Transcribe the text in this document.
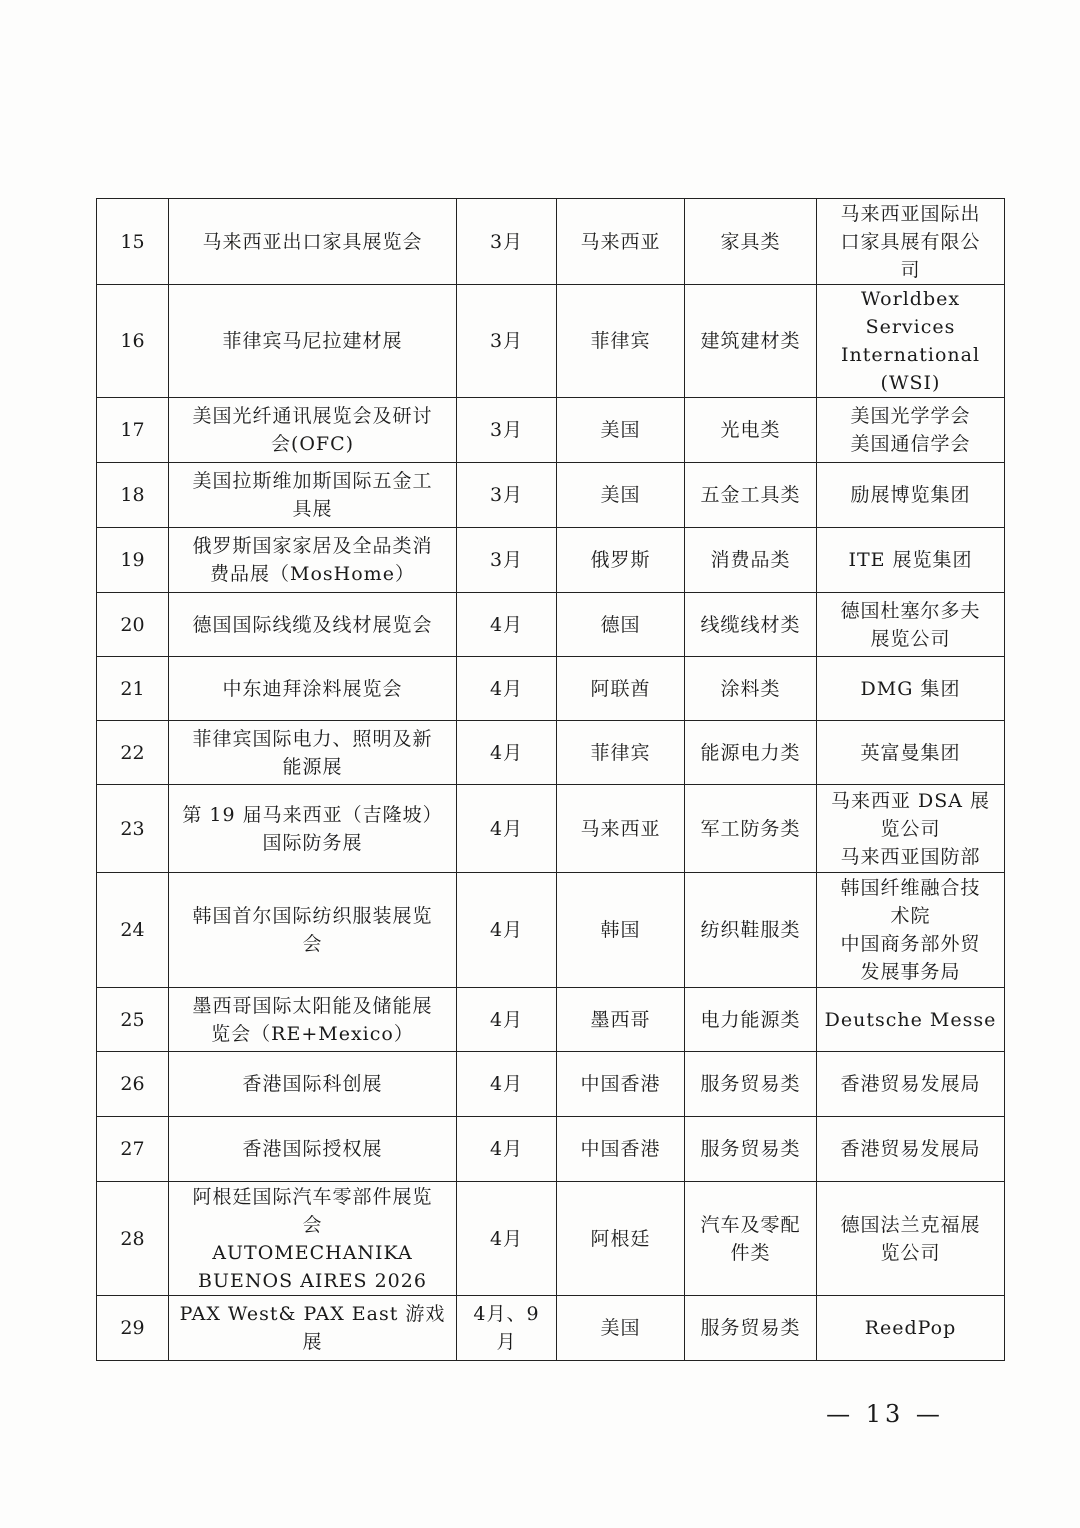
15	马来西亚出口家具展览会	3月	马来西亚	家具类	马来西亚国际出
口家具展有限公
司

16	菲律宾马尼拉建材展	3月	菲律宾	建筑建材类	Worldbex Services
International
(WSI)

17	美国光纤通讯展览会及研讨
会(OFC)	3月	美国	光电类	美国光学学会
美国通信学会

18	美国拉斯维加斯国际五金工
具展	3月	美国	五金工具类	励展博览集团

19	俄罗斯国家家居及全品类消
费品展（MosHome）	3月	俄罗斯	消费品类	ITE 展览集团

20	德国国际线缆及线材展览会	4月	德国	线缆线材类	德国杜塞尔多夫
展览公司

21	中东迪拜涂料展览会	4月	阿联酋	涂料类	DMG 集团

22	菲律宾国际电力、照明及新
能源展	4月	菲律宾	能源电力类	英富曼集团

23	第 19 届马来西亚（吉隆坡）
国际防务展	4月	马来西亚	军工防务类	马来西亚 DSA 展
览公司
马来西亚国防部

24	韩国首尔国际纺织服装展览
会	4月	韩国	纺织鞋服类	韩国纤维融合技
术院
中国商务部外贸
发展事务局

25	墨西哥国际太阳能及储能展
览会（RE+Mexico）	4月	墨西哥	电力能源类	Deutsche Messe

26	香港国际科创展	4月	中国香港	服务贸易类	香港贸易发展局

27	香港国际授权展	4月	中国香港	服务贸易类	香港贸易发展局

28	阿根廷国际汽车零部件展览
会
AUTOMECHANIKA
BUENOS AIRES 2026	4月	阿根廷	汽车及零配
件类	德国法兰克福展
览公司

29	PAX West& PAX East 游戏
展	4月、9
月	美国	服务贸易类	ReedPop
— 13 —
